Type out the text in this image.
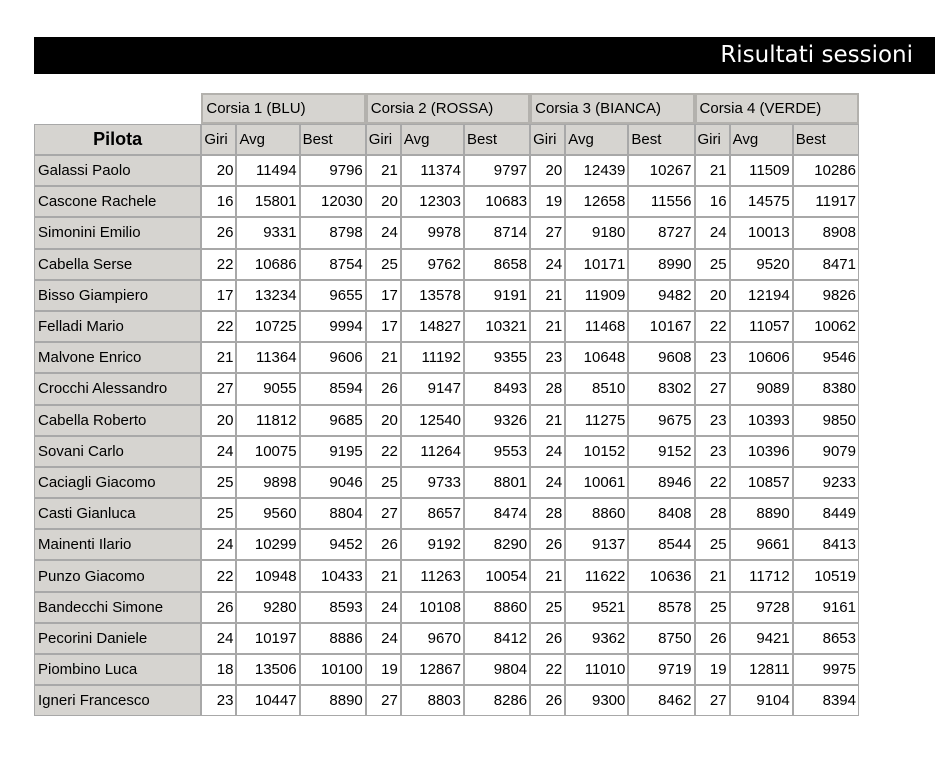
Risultati sessioni
	Corsia 1 (BLU)			Corsia 2 (ROSSA)			Corsia 3 (BIANCA)			Corsia 4 (VERDE)		
Pilota	Giri	Avg	Best	Giri	Avg	Best	Giri	Avg	Best	Giri	Avg	Best
Galassi Paolo	20	11494	9796	21	11374	9797	20	12439	10267	21	11509	10286
Cascone Rachele	16	15801	12030	20	12303	10683	19	12658	11556	16	14575	11917
Simonini Emilio	26	9331	8798	24	9978	8714	27	9180	8727	24	10013	8908
Cabella Serse	22	10686	8754	25	9762	8658	24	10171	8990	25	9520	8471
Bisso Giampiero	17	13234	9655	17	13578	9191	21	11909	9482	20	12194	9826
Felladi Mario	22	10725	9994	17	14827	10321	21	11468	10167	22	11057	10062
Malvone Enrico	21	11364	9606	21	11192	9355	23	10648	9608	23	10606	9546
Crocchi Alessandro	27	9055	8594	26	9147	8493	28	8510	8302	27	9089	8380
Cabella Roberto	20	11812	9685	20	12540	9326	21	11275	9675	23	10393	9850
Sovani Carlo	24	10075	9195	22	11264	9553	24	10152	9152	23	10396	9079
Caciagli Giacomo	25	9898	9046	25	9733	8801	24	10061	8946	22	10857	9233
Casti Gianluca	25	9560	8804	27	8657	8474	28	8860	8408	28	8890	8449
Mainenti Ilario	24	10299	9452	26	9192	8290	26	9137	8544	25	9661	8413
Punzo Giacomo	22	10948	10433	21	11263	10054	21	11622	10636	21	11712	10519
Bandecchi Simone	26	9280	8593	24	10108	8860	25	9521	8578	25	9728	9161
Pecorini Daniele	24	10197	8886	24	9670	8412	26	9362	8750	26	9421	8653
Piombino Luca	18	13506	10100	19	12867	9804	22	11010	9719	19	12811	9975
Igneri Francesco	23	10447	8890	27	8803	8286	26	9300	8462	27	9104	8394
